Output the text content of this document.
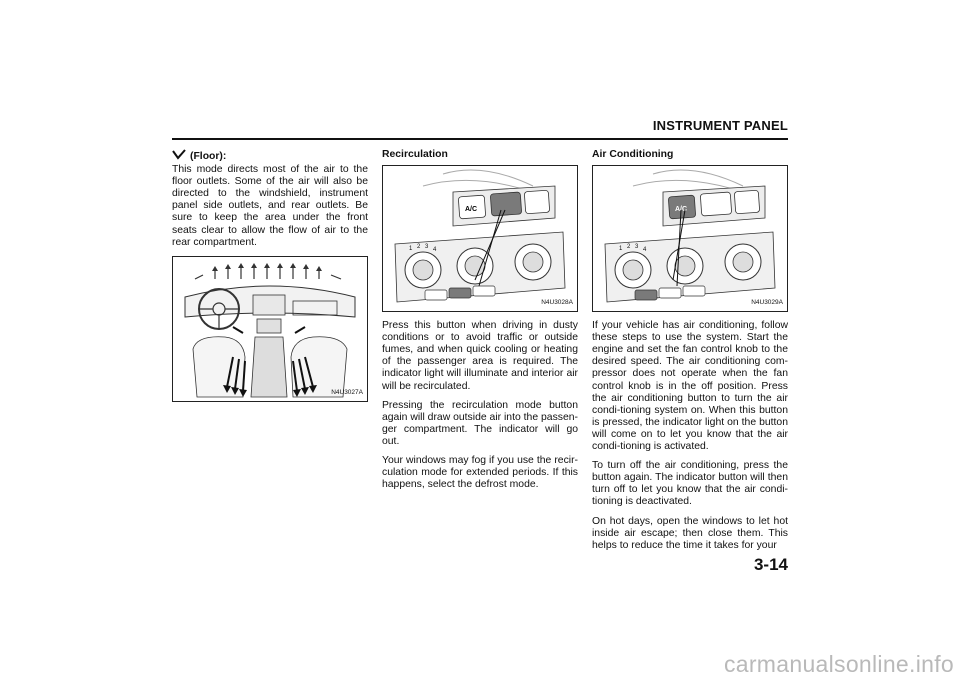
INSTRUMENT PANEL
(Floor):

This mode directs most of the air to the floor outlets. Some of the air will also be directed to the windshield, instrument panel side outlets, and rear outlets. Be sure to keep the area under the front seats clear to allow the flow of air to the rear compartment.

N4U3027A
Recirculation
A/C
1 2 3 4
N4U3028A

Press this button when driving in dusty conditions or to avoid traffic or outside fumes, and when quick cooling or heating of the passenger area is required. The indicator light will illuminate and interior air will be recirculated.

Pressing the recirculation mode button again will draw outside air into the passen-ger compartment. The indicator will go out.

Your windows may fog if you use the recir-culation mode for extended periods. If this happens, select the defrost mode.

Air Conditioning
A/C
1 2 3 4
N4U3029A

If your vehicle has air conditioning, follow these steps to use the system. Start the engine and set the fan control knob to the desired speed. The air conditioning com-pressor does not operate when the fan control knob is in the off position. Press the air conditioning button to turn the air condi-tioning system on. When this button is pressed, the indicator light on the button will come on to let you know that the air condi-tioning is activated.

To turn off the air conditioning, press the button again. The indicator button will then turn off to let you know that the air condi-tioning is deactivated.

On hot days, open the windows to let hot inside air escape; then close them. This helps to reduce the time it takes for your

3-14
carmanualsonline.info
